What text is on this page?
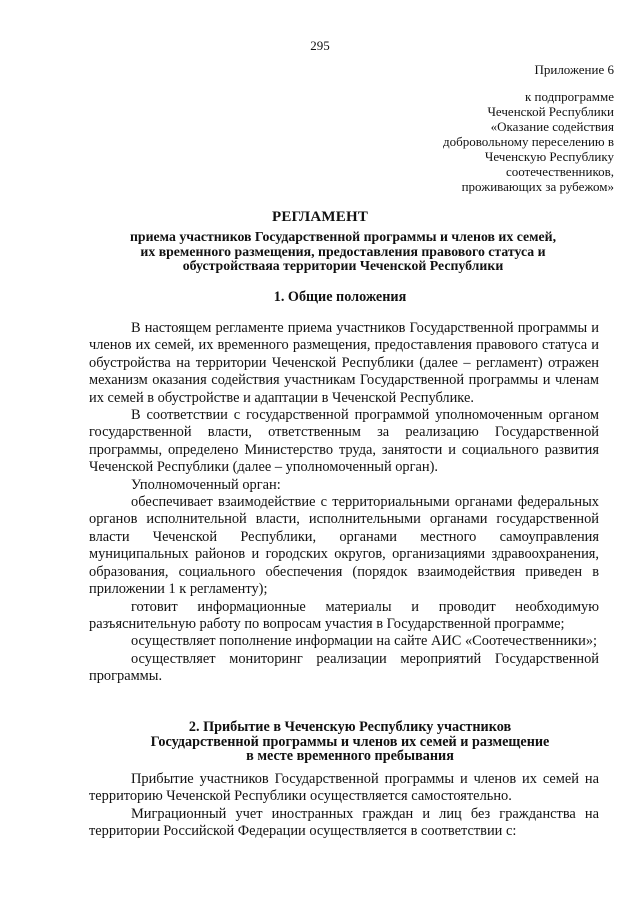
295
Приложение 6
к подпрограмме
Чеченской Республики
«Оказание содействия
добровольному переселению в
Чеченскую Республику
соотечественников,
проживающих за рубежом»
РЕГЛАМЕНТ
приема участников Государственной программы и членов их семей,
их временного размещения, предоставления правового статуса и
обустройстваяа территории Чеченской Республики
1. Общие положения

В настоящем регламенте приема участников Государственной программы и членов их семей, их временного размещения, предоставления правового статуса и обустройства на территории Чеченской Республики (далее – регламент) отражен механизм оказания содействия участникам Государственной программы и членам их семей в обустройстве и адаптации в Чеченской Республике.

В соответствии с государственной программой уполномоченным органом государственной власти, ответственным за реализацию Государственной программы, определено Министерство труда, занятости и социального развития Чеченской Республики (далее – уполномоченный орган).

Уполномоченный орган:

обеспечивает взаимодействие с территориальными органами федеральных органов исполнительной власти, исполнительными органами государственной власти Чеченской Республики, органами местного самоуправления муниципальных районов и городских округов, организациями здравоохранения, образования, социального обеспечения (порядок взаимодействия приведен в приложении 1 к регламенту);

готовит информационные материалы и проводит необходимую разъяснительную работу по вопросам участия в Государственной программе;

осуществляет пополнение информации на сайте АИС «Соотечественники»;

осуществляет мониторинг реализации мероприятий Государственной программы.

2. Прибытие в Чеченскую Республику участников
Государственной программы и членов их семей и размещение
в месте временного пребывания

Прибытие участников Государственной программы и членов их семей на территорию Чеченской Республики осуществляется самостоятельно.

Миграционный учет иностранных граждан и лиц без гражданства на территории Российской Федерации осуществляется в соответствии с:
